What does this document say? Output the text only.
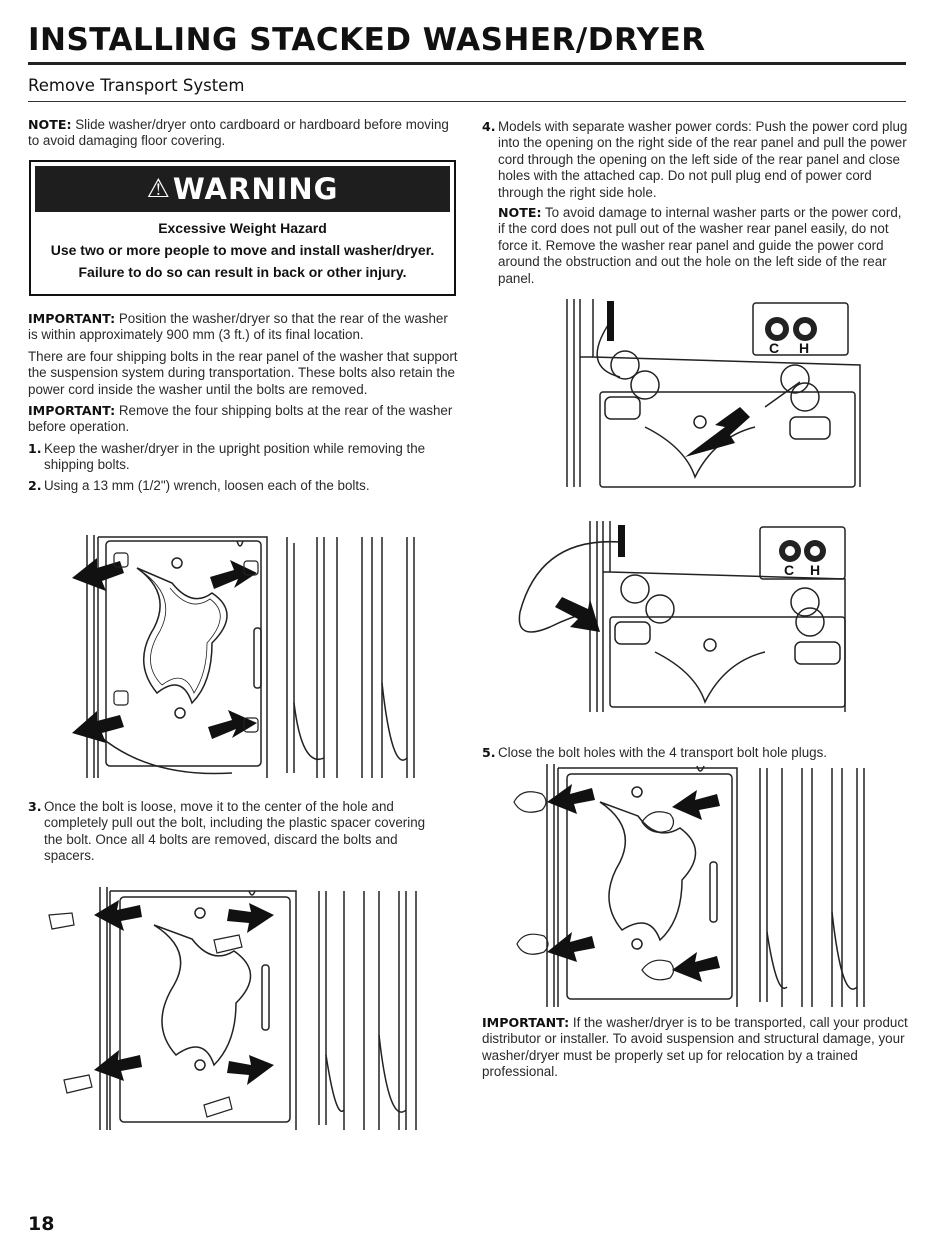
INSTALLING STACKED WASHER/DRYER
Remove Transport System

NOTE: Slide washer/dryer onto cardboard or hardboard before moving to avoid damaging floor covering.

⚠ WARNING

Excessive Weight Hazard

Use two or more people to move and install washer/dryer.

Failure to do so can result in back or other injury.

IMPORTANT: Position the washer/dryer so that the rear of the washer is within approximately 900 mm (3 ft.) of its final location.

There are four shipping bolts in the rear panel of the washer that support the suspension system during transportation. These bolts also retain the power cord inside the washer until the bolts are removed.

IMPORTANT: Remove the four shipping bolts at the rear of the washer before operation.

1. Keep the washer/dryer in the upright position while removing the shipping bolts.
2. Using a 13 mm (1/2") wrench, loosen each of the bolts.
3. Once the bolt is loose, move it to the center of the hole and completely pull out the bolt, including the plastic spacer covering the bolt. Once all 4 bolts are removed, discard the bolts and spacers.
4. Models with separate washer power cords: Push the power cord plug into the opening on the right side of the rear panel and pull the power cord through the opening on the left side of the rear panel and close holes with the attached cap. Do not pull plug end of power cord through the right side hole.

NOTE: To avoid damage to internal washer parts or the power cord, if the cord does not pull out of the washer rear panel easily, do not force it. Remove the washer rear panel and guide the power cord around the obstruction and out the hole on the left side of the rear panel.

5. Close the bolt holes with the 4 transport bolt hole plugs.

IMPORTANT: If the washer/dryer is to be transported, call your product distributor or installer. To avoid suspension and structural damage, your washer/dryer must be properly set up for relocation by a trained professional.

C H
C H
18
